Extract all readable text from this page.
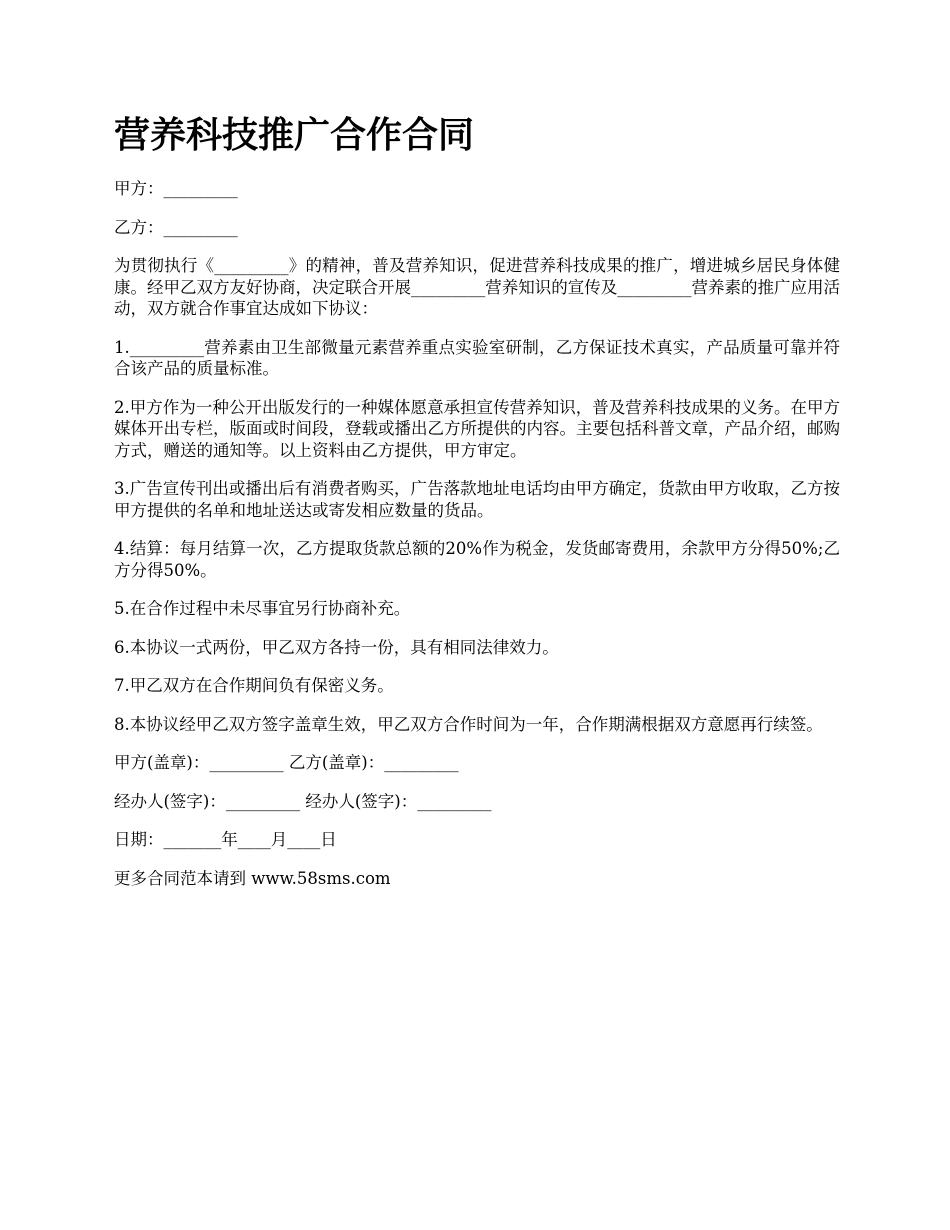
营养科技推广合作合同

甲方：_________

乙方：_________

为贯彻执行《_________》的精神，普及营养知识，促进营养科技成果的推广，增进城乡居民身体健康。经甲乙双方友好协商，决定联合开展_________营养知识的宣传及_________营养素的推广应用活动，双方就合作事宜达成如下协议：

1._________营养素由卫生部微量元素营养重点实验室研制，乙方保证技术真实，产品质量可靠并符合该产品的质量标准。

2.甲方作为一种公开出版发行的一种媒体愿意承担宣传营养知识，普及营养科技成果的义务。在甲方媒体开出专栏，版面或时间段，登载或播出乙方所提供的内容。主要包括科普文章，产品介绍，邮购方式，赠送的通知等。以上资料由乙方提供，甲方审定。

3.广告宣传刊出或播出后有消费者购买，广告落款地址电话均由甲方确定，货款由甲方收取，乙方按甲方提供的名单和地址送达或寄发相应数量的货品。

4.结算：每月结算一次，乙方提取货款总额的20%作为税金，发货邮寄费用，余款甲方分得50%;乙方分得50%。

5.在合作过程中未尽事宜另行协商补充。

6.本协议一式两份，甲乙双方各持一份，具有相同法律效力。

7.甲乙双方在合作期间负有保密义务。

8.本协议经甲乙双方签字盖章生效，甲乙双方合作时间为一年，合作期满根据双方意愿再行续签。

甲方(盖章)：_________ 乙方(盖章)：_________

经办人(签字)：_________ 经办人(签字)：_________

日期：_______年____月____日

更多合同范本请到 www.58sms.com
